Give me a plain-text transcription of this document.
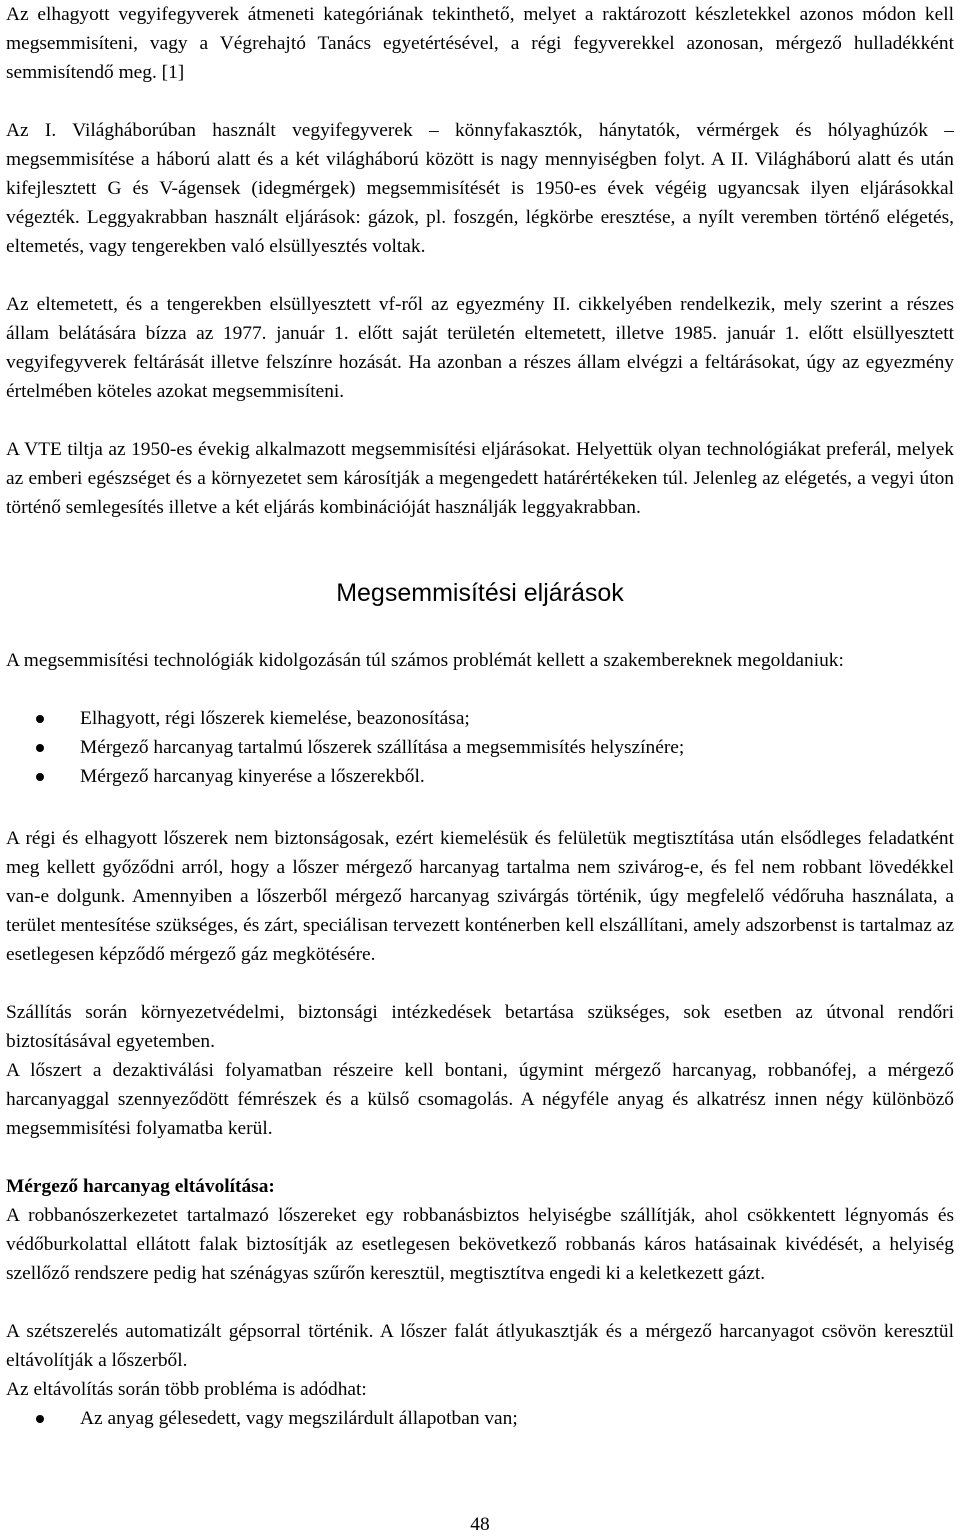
Az elhagyott vegyifegyverek átmeneti kategóriának tekinthető, melyet a raktározott készletekkel azonos módon kell megsemmisíteni, vagy a Végrehajtó Tanács egyetértésével, a régi fegyverekkel azonosan, mérgező hulladékként semmisítendő meg. [1]

Az I. Világháborúban használt vegyifegyverek – könnyfakasztók, hánytatók, vérmérgek és hólyaghúzók – megsemmisítése a háború alatt és a két világháború között is nagy mennyiségben folyt. A II. Világháború alatt és után kifejlesztett G és V-ágensek (idegmérgek) megsemmisítését is 1950-es évek végéig ugyancsak ilyen eljárásokkal végezték. Leggyakrabban használt eljárások: gázok, pl. foszgén, légkörbe eresztése, a nyílt veremben történő elégetés, eltemetés, vagy tengerekben való elsüllyesztés voltak.

Az eltemetett, és a tengerekben elsüllyesztett vf-ről az egyezmény II. cikkelyében rendelkezik, mely szerint a részes állam belátására bízza az 1977. január 1. előtt saját területén eltemetett, illetve 1985. január 1. előtt elsüllyesztett vegyifegyverek feltárását illetve felszínre hozását. Ha azonban a részes állam elvégzi a feltárásokat, úgy az egyezmény értelmében köteles azokat megsemmisíteni.

A VTE tiltja az 1950-es évekig alkalmazott megsemmisítési eljárásokat. Helyettük olyan technológiákat preferál, melyek az emberi egészséget és a környezetet sem károsítják a megengedett határértékeken túl. Jelenleg az elégetés, a vegyi úton történő semlegesítés illetve a két eljárás kombinációját használják leggyakrabban.

Megsemmisítési eljárások

A megsemmisítési technológiák kidolgozásán túl számos problémát kellett a szakembereknek megoldaniuk:

Elhagyott, régi lőszerek kiemelése, beazonosítása;
Mérgező harcanyag tartalmú lőszerek szállítása a megsemmisítés helyszínére;
Mérgező harcanyag kinyerése a lőszerekből.

A régi és elhagyott lőszerek nem biztonságosak, ezért kiemelésük és felületük megtisztítása után elsődleges feladatként meg kellett győződni arról, hogy a lőszer mérgező harcanyag tartalma nem szivárog-e, és fel nem robbant lövedékkel van-e dolgunk. Amennyiben a lőszerből mérgező harcanyag szivárgás történik, úgy megfelelő védőruha használata, a terület mentesítése szükséges, és zárt, speciálisan tervezett konténerben kell elszállítani, amely adszorbenst is tartalmaz az esetlegesen képződő mérgező gáz megkötésére.

Szállítás során környezetvédelmi, biztonsági intézkedések betartása szükséges, sok esetben az útvonal rendőri biztosításával egyetemben.

A lőszert a dezaktiválási folyamatban részeire kell bontani, úgymint mérgező harcanyag, robbanófej, a mérgező harcanyaggal szennyeződött fémrészek és a külső csomagolás. A négyféle anyag és alkatrész innen négy különböző megsemmisítési folyamatba kerül.

Mérgező harcanyag eltávolítása:

A robbanószerkezetet tartalmazó lőszereket egy robbanásbiztos helyiségbe szállítják, ahol csökkentett légnyomás és védőburkolattal ellátott falak biztosítják az esetlegesen bekövetkező robbanás káros hatásainak kivédését, a helyiség szellőző rendszere pedig hat szénágyas szűrőn keresztül, megtisztítva engedi ki a keletkezett gázt.

A szétszerelés automatizált gépsorral történik. A lőszer falát átlyukasztják és a mérgező harcanyagot csövön keresztül eltávolítják a lőszerből.

Az eltávolítás során több probléma is adódhat:

Az anyag gélesedett, vagy megszilárdult állapotban van;

48
